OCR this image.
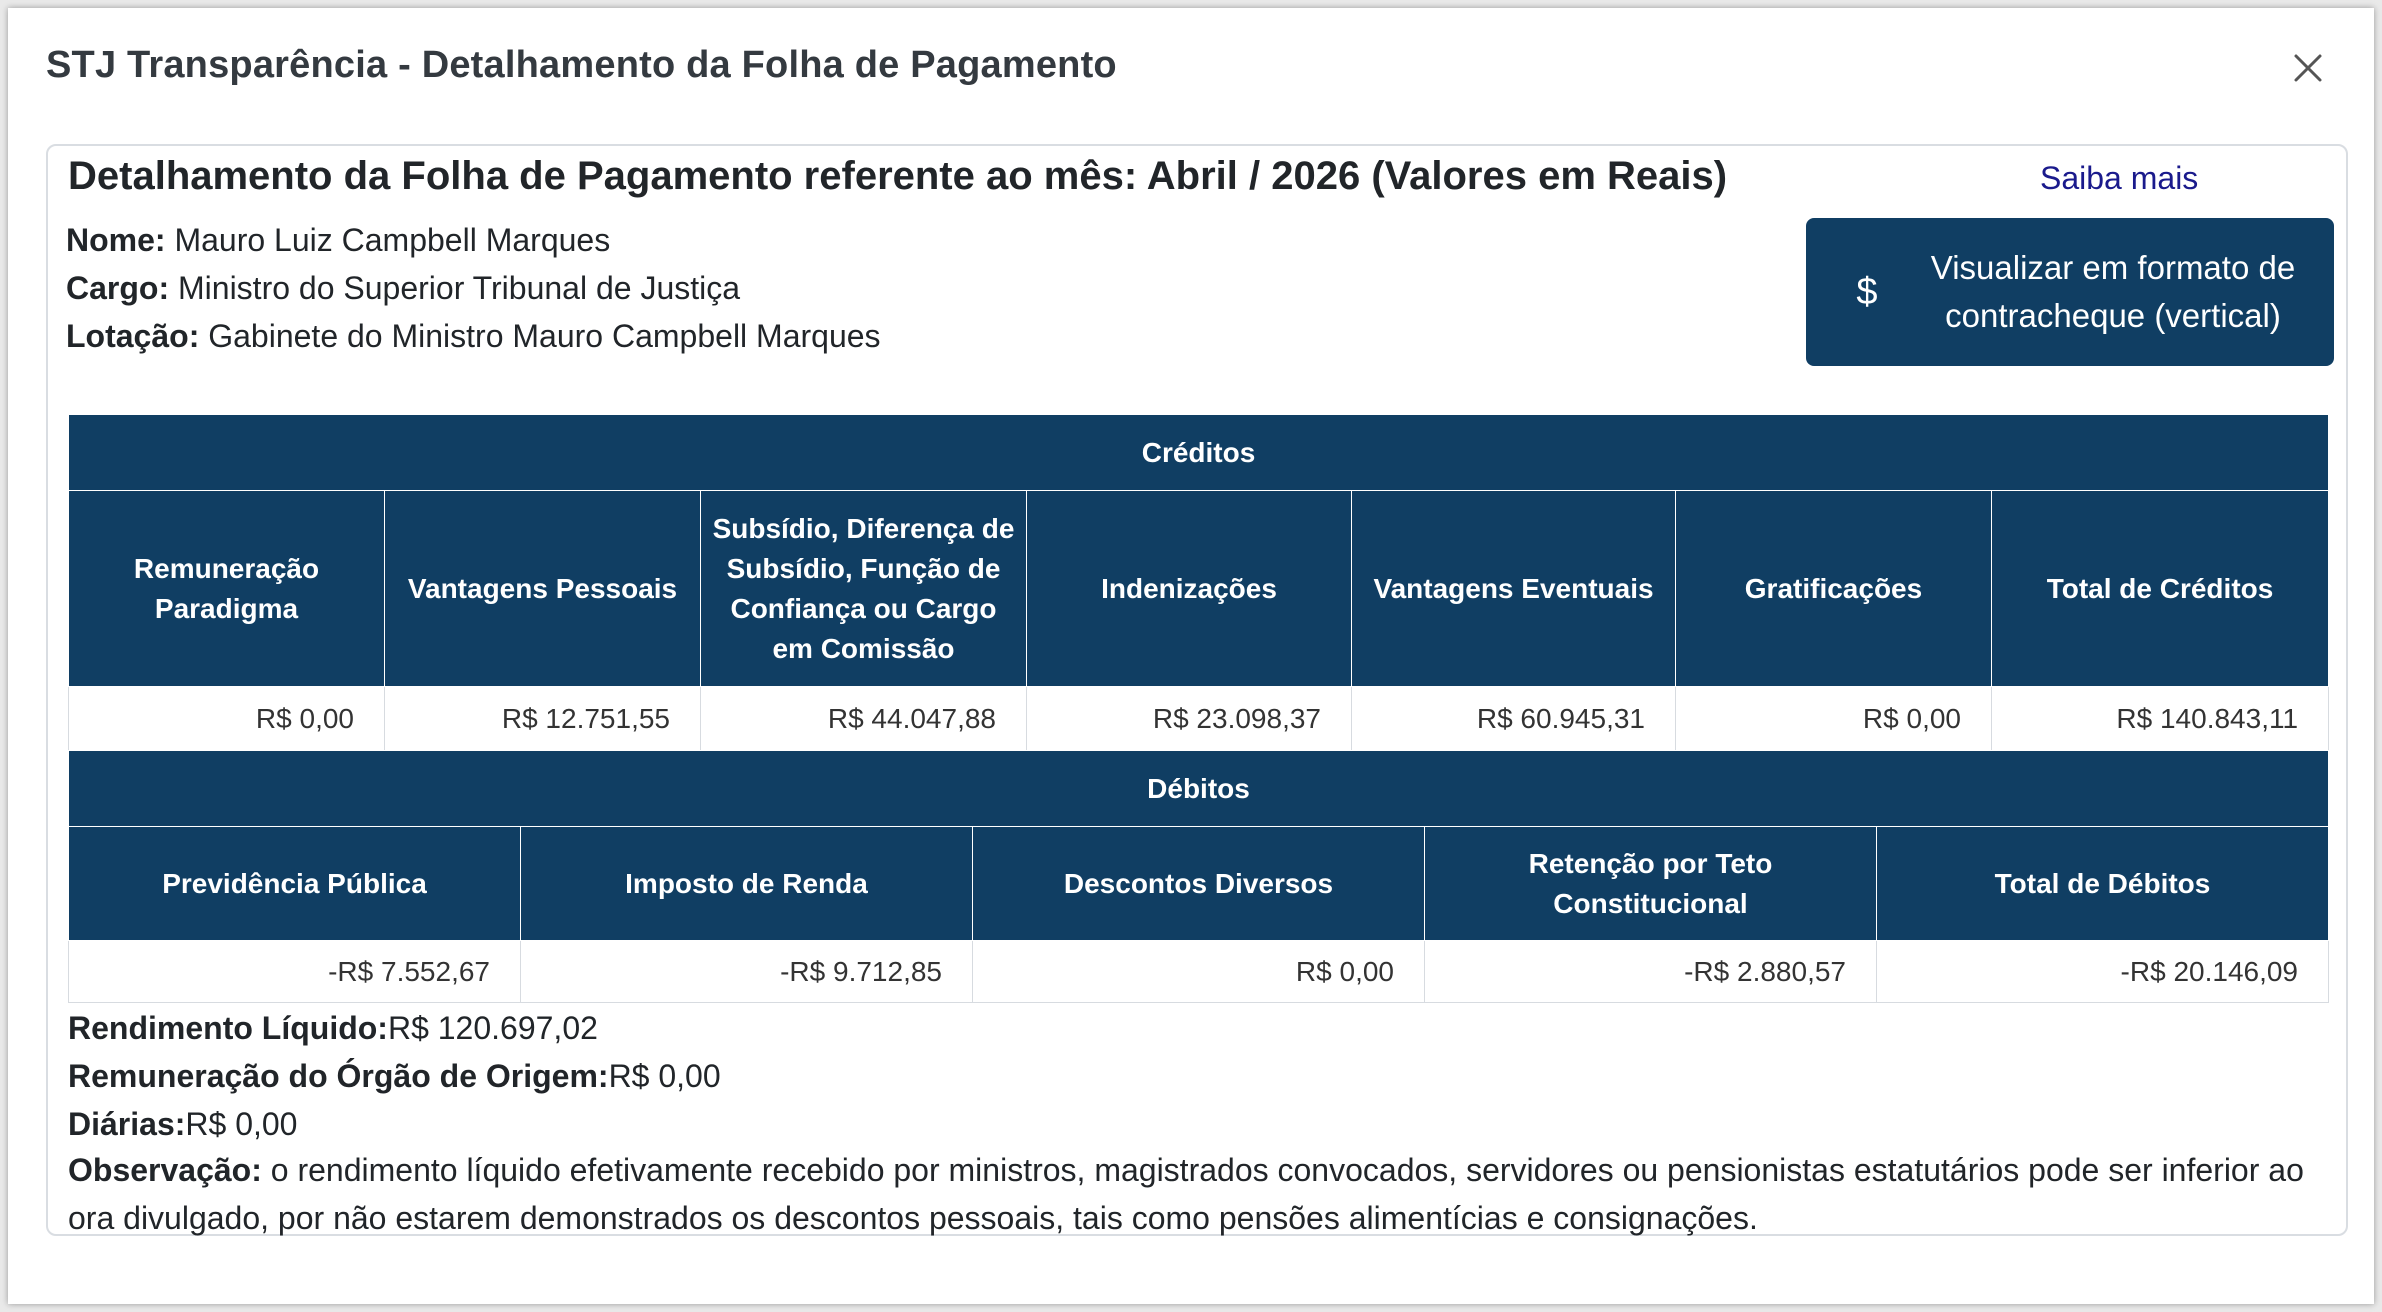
STJ Transparência - Detalhamento da Folha de Pagamento
Detalhamento da Folha de Pagamento referente ao mês: Abril / 2026 (Valores em Reais)	Saiba mais
Nome: Mauro Luiz Campbell Marques
Cargo: Ministro do Superior Tribunal de Justiça
Lotação: Gabinete do Ministro Mauro Campbell Marques
$
Visualizar em formato de
contracheque (vertical)
Créditos						
Remuneração Paradigma	Vantagens Pessoais	Subsídio, Diferença de Subsídio, Função de Confiança ou Cargo em Comissão	Indenizações	Vantagens Eventuais	Gratificações	Total de Créditos
R$ 0,00	R$ 12.751,55	R$ 44.047,88	R$ 23.098,37	R$ 60.945,31	R$ 0,00	R$ 140.843,11
Débitos				
Previdência Pública	Imposto de Renda	Descontos Diversos	Retenção por Teto Constitucional	Total de Débitos
-R$ 7.552,67	-R$ 9.712,85	R$ 0,00	-R$ 2.880,57	-R$ 20.146,09
Rendimento Líquido:R$ 120.697,02
Remuneração do Órgão de Origem:R$ 0,00
Diárias:R$ 0,00
Observação: o rendimento líquido efetivamente recebido por ministros, magistrados convocados, servidores ou pensionistas estatutários pode ser inferior ao ora divulgado, por não estarem demonstrados os descontos pessoais, tais como pensões alimentícias e consignações.
